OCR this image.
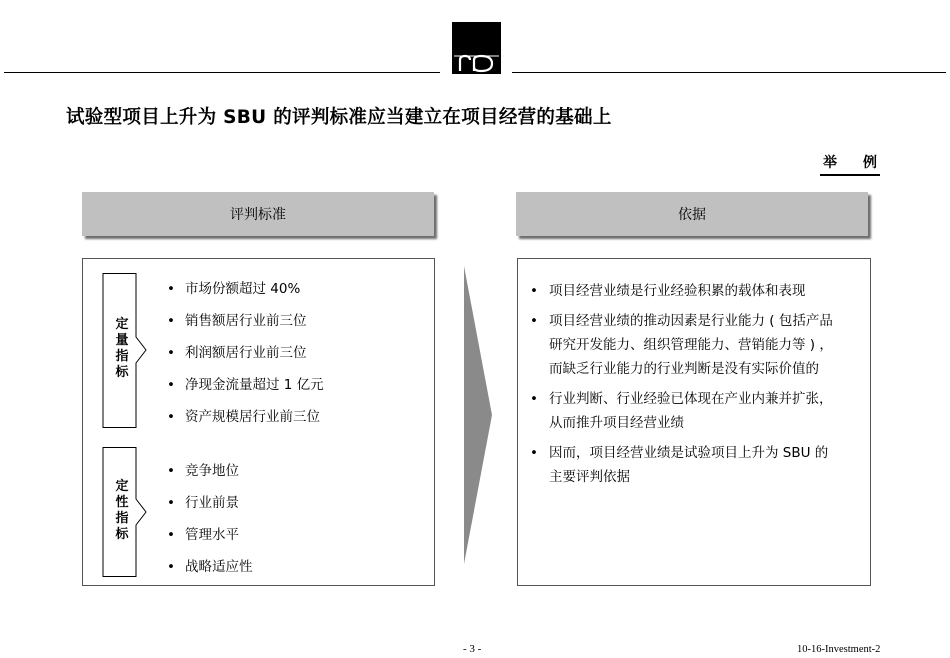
试验型项目上升为 SBU 的评判标准应当建立在项目经营的基础上
举 例
评判标准	依据
定
量
指
标
• 市场份额超过 40%
• 销售额居行业前三位
• 利润额居行业前三位
• 净现金流量超过 1 亿元
• 资产规模居行业前三位
定
性
指
标
• 竞争地位
• 行业前景
• 管理水平
• 战略适应性
• 项目经营业绩是行业经验积累的载体和表现
• 项目经营业绩的推动因素是行业能力 ( 包括产品
研究开发能力、组织管理能力、营销能力等 ) ，
而缺乏行业能力的行业判断是没有实际价值的
• 行业判断、行业经验已体现在产业内兼并扩张，
从而推升项目经营业绩
• 因而，项目经营业绩是试验项目上升为 SBU 的
主要评判依据
- 3 -	10-16-Investment-2
